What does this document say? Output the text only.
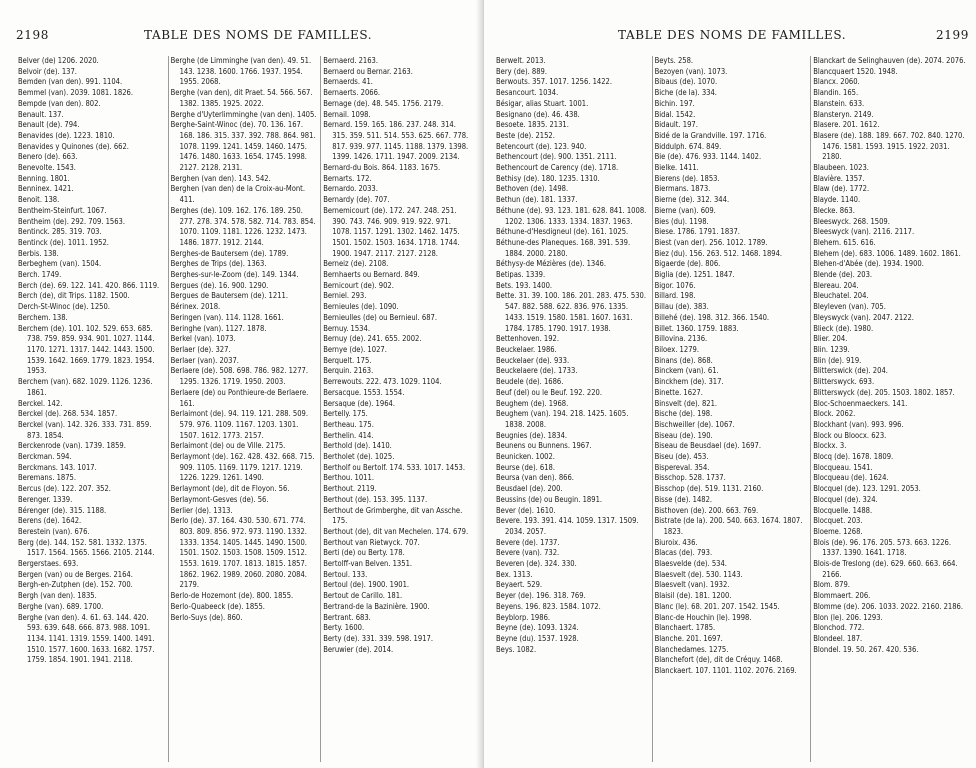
2198	TABLE DES NOMS DE FAMILLES.

Belver (de) 1206. 2020.

Belvoir (de). 137.

Bemden (van den). 991. 1104.

Bemmel (van). 2039. 1081. 1826.

Bempde (van den). 802.

Benault. 137.

Benault (de). 794.

Benavides (de). 1223. 1810.

Benavides y Quinones (de). 662.

Benero (de). 663.

Benevolte. 1543.

Benning. 1801.

Benninex. 1421.

Benoit. 138.

Bentheim-Steinfurt. 1067.

Bentheim (de). 292. 709. 1563.

Bentinck. 285. 319. 703.

Bentinck (de). 1011. 1952.

Berbis. 138.

Berbeghem (van). 1504.

Berch. 1749.

Berch (de). 69. 122. 141. 420. 866. 1119.

Berch (de), dit Trips. 1182. 1500.

Derch-St-Winoc (de). 1250.

Berchem. 138.

Berchem (de). 101. 102. 529. 653. 685. 738. 759. 859. 934. 901. 1027. 1144. 1170. 1271. 1317. 1442. 1443. 1500. 1539. 1642. 1669. 1779. 1823. 1954. 1953.

Berchem (van). 682. 1029. 1126. 1236. 1861.

Berckel. 142.

Berckel (de). 268. 534. 1857.

Berckel (van). 142. 326. 333. 731. 859. 873. 1854.

Berckenrode (van). 1739. 1859.

Berckman. 594.

Berckmans. 143. 1017.

Beremans. 1875.

Bercus (de). 122. 207. 352.

Berenger. 1339.

Bérenger (de). 315. 1188.

Berens (de). 1642.

Berestein (van). 676.

Berg (de). 144. 152. 581. 1332. 1375. 1517. 1564. 1565. 1566. 2105. 2144.

Bergerstaes. 693.

Bergen (van) ou de Berges. 2164.

Bergh-en-Zutphen (de). 152. 700.

Bergh (van den). 1835.

Berghe (van). 689. 1700.

Berghe (van den). 4. 61. 63. 144. 420. 593. 639. 648. 666. 873. 988. 1091. 1134. 1141. 1319. 1559. 1400. 1491. 1510. 1577. 1600. 1633. 1682. 1757. 1759. 1854. 1901. 1941. 2118.

Berghe (de Limminghe (van den). 49. 51. 143. 1238. 1600. 1766. 1937. 1954. 1955. 2068.

Berghe (van den), dit Praet. 54. 566. 567. 1382. 1385. 1925. 2022.

Berghe d'Uyterlimminghe (van den). 1405.

Berghe-Saint-Winoc (de). 70. 136. 167. 168. 186. 315. 337. 392. 788. 864. 981. 1078. 1199. 1241. 1459. 1460. 1475. 1476. 1480. 1633. 1654. 1745. 1998. 2127. 2128. 2131.

Berghen (van den). 143. 542.

Berghen (van den) de la Croix-au-Mont. 411.

Berghes (de). 109. 162. 176. 189. 250. 277. 278. 374. 578. 582. 714. 783. 854. 1070. 1109. 1181. 1226. 1232. 1473. 1486. 1877. 1912. 2144.

Berghes-de Bautersem (de). 1789.

Berghes de Trips (de). 1363.

Berghes-sur-le-Zoom (de). 149. 1344.

Bergues (de). 16. 900. 1290.

Bergues de Bautersem (de). 1211.

Bérinex. 2018.

Beringen (van). 114. 1128. 1661.

Beringhe (van). 1127. 1878.

Berkel (van). 1073.

Berlaer (de). 327.

Berlaer (van). 2037.

Berlaere (de). 508. 698. 786. 982. 1277. 1295. 1326. 1719. 1950. 2003.

Berlaere (de) ou Ponthieure-de Berlaere. 161.

Berlaimont (de). 94. 119. 121. 288. 509. 579. 976. 1109. 1167. 1203. 1301. 1507. 1612. 1773. 2157.

Berlaimont (de) ou de Ville. 2175.

Berlaymont (de). 162. 428. 432. 668. 715. 909. 1105. 1169. 1179. 1217. 1219. 1226. 1229. 1261. 1490.

Berlaymont (de), dit de Floyon. 56.

Berlaymont-Gesves (de). 56.

Berlier (de). 1313.

Berlo (de). 37. 164. 430. 530. 671. 774. 803. 809. 856. 972. 973. 1190. 1332. 1333. 1354. 1405. 1445. 1490. 1500. 1501. 1502. 1503. 1508. 1509. 1512. 1553. 1619. 1707. 1813. 1815. 1857. 1862. 1962. 1989. 2060. 2080. 2084. 2179.

Berlo-de Hozemont (de). 800. 1855.

Berlo-Quabeeck (de). 1855.

Berlo-Suys (de). 860.

Bernaerd. 2163.

Bernaerd ou Bernar. 2163.

Bernaerds. 41.

Bernaerts. 2066.

Bernage (de). 48. 545. 1756. 2179.

Bernail. 1098.

Bernard. 159. 165. 186. 237. 248. 314. 315. 359. 511. 514. 553. 625. 667. 778. 817. 939. 977. 1145. 1188. 1379. 1398. 1399. 1426. 1711. 1947. 2009. 2134.

Bernard-du Bois. 864. 1183. 1675.

Bernarts. 172.

Bernardo. 2033.

Bernardy (de). 707.

Bernemicourt (de). 172. 247. 248. 251. 390. 743. 746. 909. 919. 922. 971. 1078. 1157. 1291. 1302. 1462. 1475. 1501. 1502. 1503. 1634. 1718. 1744. 1900. 1947. 2117. 2127. 2128.

Berneiz (de). 2108.

Bernhaerts ou Bernard. 849.

Bernicourt (de). 902.

Berniel. 293.

Bernieules (de). 1090.

Bernieulles (de) ou Bernieul. 687.

Bernuy. 1534.

Bernuy (de). 241. 655. 2002.

Bernye (de). 1027.

Berquelt. 175.

Berquin. 2163.

Berrewouts. 222. 473. 1029. 1104.

Bersacque. 1553. 1554.

Bersaque (de). 1964.

Bertelly. 175.

Bertheau. 175.

Berthelin. 414.

Berthold (de). 1410.

Bertholet (de). 1025.

Bertholf ou Bertolf. 174. 533. 1017. 1453.

Berthou. 1011.

Berthout. 2119.

Berthout (de). 153. 395. 1137.

Berthout de Grimberghe, dit van Assche. 175.

Berthout (de), dit van Mechelen. 174. 679.

Berthout van Rietwyck. 707.

Berti (de) ou Berty. 178.

Bertolff-van Belven. 1351.

Bertoul. 133.

Bertoul (de). 1900. 1901.

Bertout de Carillo. 181.

Bertrand-de la Bazinière. 1900.

Bertrant. 683.

Berty. 1600.

Berty (de). 331. 339. 598. 1917.

Beruwier (de). 2014.

TABLE DES NOMS DE FAMILLES.	2199

Berwelt. 2013.

Bery (de). 889.

Berwouts. 357. 1017. 1256. 1422.

Besancourt. 1034.

Bésigar, alias Stuart. 1001.

Besignano (de). 46. 438.

Besoete. 1835. 2131.

Beste (de). 2152.

Betencourt (de). 123. 940.

Bethencourt (de). 900. 1351. 2111.

Bethencourt de Carency (de). 1718.

Bethisy (de). 180. 1235. 1310.

Bethoven (de). 1498.

Bethun (de). 181. 1337.

Béthune (de). 93. 123. 181. 628. 841. 1008. 1202. 1306. 1333. 1334. 1837. 1963.

Béthune-d'Hesdigneul (de). 161. 1025.

Béthune-des Planeques. 168. 391. 539. 1884. 2000. 2180.

Béthysy-de Mézières (de). 1346.

Betipas. 1339.

Bets. 193. 1400.

Bette. 31. 39. 100. 186. 201. 283. 475. 530. 547. 882. 588. 622. 836. 976. 1335. 1433. 1519. 1580. 1581. 1607. 1631. 1784. 1785. 1790. 1917. 1938.

Bettenhoven. 192.

Beuckelaer. 1986.

Beuckelaer (de). 933.

Beuckelaere (de). 1733.

Beudele (de). 1686.

Beuf (del) ou le Beuf. 192. 220.

Beughem (de). 1968.

Beughem (van). 194. 218. 1425. 1605. 1838. 2008.

Beugnies (de). 1834.

Beunens ou Bunnens. 1967.

Beunicken. 1002.

Beurse (de). 618.

Beursa (van den). 866.

Beusdael (de). 200.

Beussins (de) ou Beugin. 1891.

Bever (de). 1610.

Bevere. 193. 391. 414. 1059. 1317. 1509. 2034. 2057.

Bevere (de). 1737.

Bevere (van). 732.

Beveren (de). 324. 330.

Bex. 1313.

Beyaert. 529.

Beyer (de). 196. 318. 769.

Beyens. 196. 823. 1584. 1072.

Beyblorp. 1986.

Beyne (de). 1093. 1324.

Beyne (du). 1537. 1928.

Beys. 1082.

Beyts. 258.

Bezoyen (van). 1073.

Bibaus (de). 1070.

Biche (de la). 334.

Bichin. 197.

Bidal. 1542.

Bidault. 197.

Bidé de la Grandville. 197. 1716.

Biddulph. 674. 849.

Bie (de). 476. 933. 1144. 1402.

Bielke. 1411.

Bierens (de). 1853.

Biermans. 1873.

Bierne (de). 312. 344.

Bierne (van). 609.

Bies (du). 1198.

Biese. 1786. 1791. 1837.

Biest (van der). 256. 1012. 1789.

Biez (du). 156. 263. 512. 1468. 1894.

Bigaerde (de). 806.

Biglia (de). 1251. 1847.

Bigor. 1076.

Billard. 198.

Billau (de). 383.

Billehé (de). 198. 312. 366. 1540.

Billet. 1360. 1759. 1883.

Billovina. 2136.

Biloex. 1279.

Binans (de). 868.

Binckem (van). 61.

Binckhem (de). 317.

Binette. 1627.

Binsvelt (de). 821.

Bische (de). 198.

Bischweiller (de). 1067.

Biseau (de). 190.

Biseau de Beusdael (de). 1697.

Biseu (de). 453.

Bispereval. 354.

Bisschop. 528. 1737.

Bisschop (de). 519. 1131. 2160.

Bisse (de). 1482.

Bisthoven (de). 200. 663. 769.

Bistrate (de la). 200. 540. 663. 1674. 1807. 1823.

Biuroix. 436.

Blacas (de). 793.

Blaesvelde (de). 534.

Blaesvelt (de). 530. 1143.

Blaesvelt (van). 1932.

Blaisil (de). 181. 1200.

Blanc (le). 68. 201. 207. 1542. 1545.

Blanc-de Houchin (le). 1998.

Blanchaert. 1785.

Blanche. 201. 1697.

Blanchedames. 1275.

Blanchefort (de), dit de Créquy. 1468.

Blanckaert. 107. 1101. 1102. 2076. 2169.

Blanckart de Selinghauven (de). 2074. 2076.

Blancquaert 1520. 1948.

Blancx. 2060.

Blandin. 165.

Blanstein. 633.

Blansteryn. 2149.

Blasere. 201. 1612.

Blasere (de). 188. 189. 667. 702. 840. 1270. 1476. 1581. 1593. 1915. 1922. 2031. 2180.

Blaubeen. 1023.

Blavière. 1357.

Blaw (de). 1772.

Blayde. 1140.

Blecke. 863.

Bleeswyck. 268. 1509.

Bleeswyck (van). 2116. 2117.

Blehem. 615. 616.

Blehem (de). 683. 1006. 1489. 1602. 1861.

Blehen-d'Abée (de). 1934. 1900.

Blende (de). 203.

Blereau. 204.

Bleuchatel. 204.

Bleyleven (van). 705.

Bleyswyck (van). 2047. 2122.

Blieck (de). 1980.

Blier. 204.

Blin. 1239.

Blin (de). 919.

Blitterswick (de). 204.

Blitterswyck. 693.

Blitterswyck (de). 205. 1503. 1802. 1857.

Bloc-Schoenmaeckers. 141.

Block. 2062.

Blockhant (van). 993. 996.

Block ou Bloocx. 623.

Blockx. 3.

Blocq (de). 1678. 1809.

Blocqueau. 1541.

Blocqueau (de). 1624.

Blocquel (de). 123. 1291. 2053.

Blocquel (de). 324.

Blocquelle. 1488.

Blocquet. 203.

Bloeme. 1268.

Blois (de). 96. 176. 205. 573. 663. 1226. 1337. 1390. 1641. 1718.

Blois-de Treslong (de). 629. 660. 663. 664. 2166.

Blom. 879.

Blommaert. 206.

Blomme (de). 206. 1033. 2022. 2160. 2186.

Blon (le). 206. 1293.

Blonchod. 772.

Blondeel. 187.

Blondel. 19. 50. 267. 420. 536.
